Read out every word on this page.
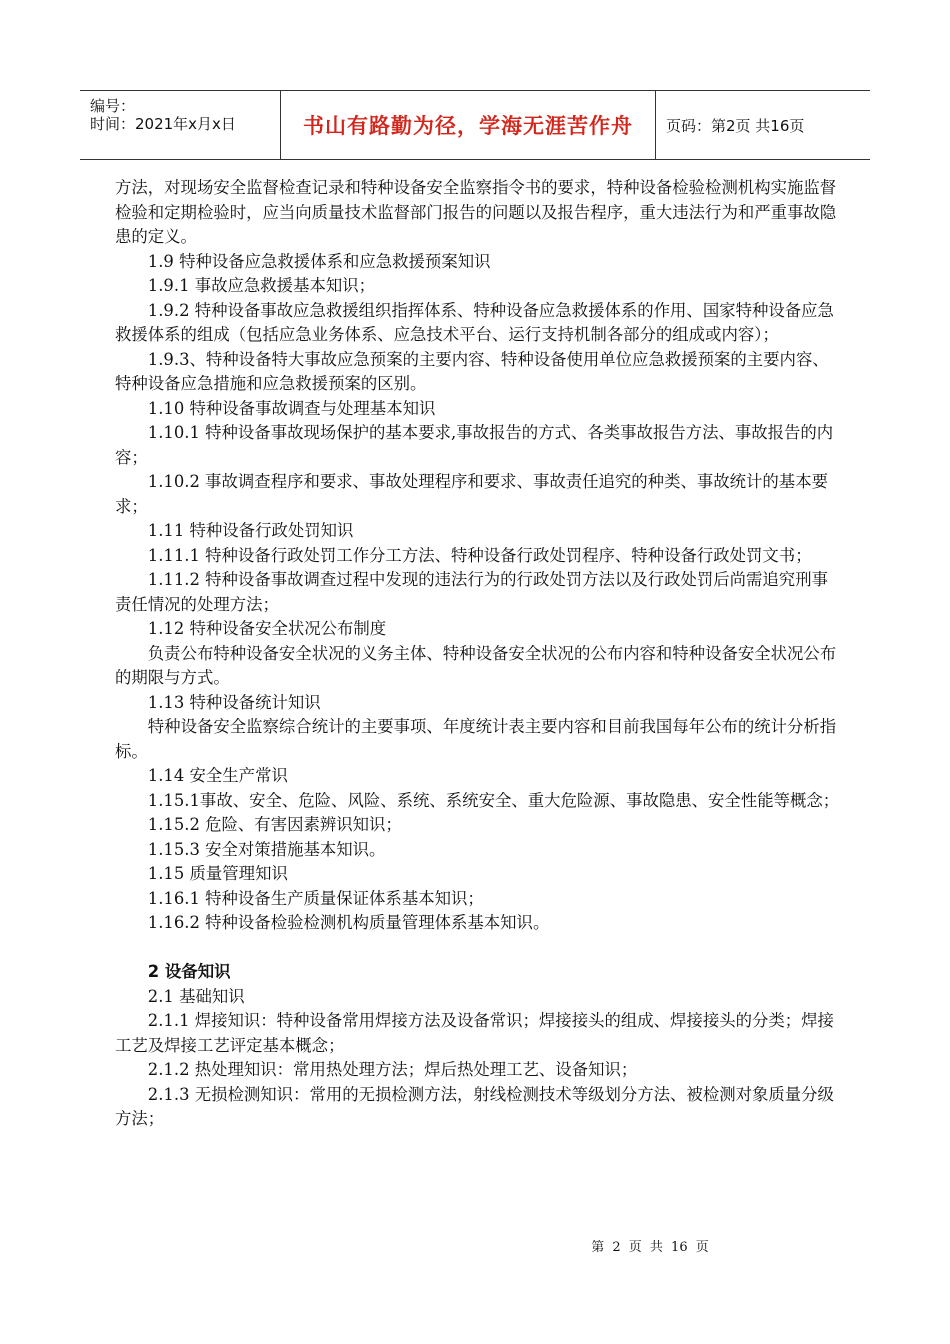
编号：
时间：2021年x月x日	书山有路勤为径，学海无涯苦作舟 页码：第2页 共16页

方法，对现场安全监督检查记录和特种设备安全监察指令书的要求，特种设备检验检测机构实施监督检验和定期检验时，应当向质量技术监督部门报告的问题以及报告程序，重大违法行为和严重事故隐患的定义。

1.9 特种设备应急救援体系和应急救援预案知识

1.9.1 事故应急救援基本知识；

1.9.2 特种设备事故应急救援组织指挥体系、特种设备应急救援体系的作用、国家特种设备应急救援体系的组成（包括应急业务体系、应急技术平台、运行支持机制各部分的组成或内容）；

1.9.3、特种设备特大事故应急预案的主要内容、特种设备使用单位应急救援预案的主要内容、特种设备应急措施和应急救援预案的区别。

1.10 特种设备事故调查与处理基本知识

1.10.1 特种设备事故现场保护的基本要求,事故报告的方式、各类事故报告方法、事故报告的内容；

1.10.2 事故调查程序和要求、事故处理程序和要求、事故责任追究的种类、事故统计的基本要求；

1.11 特种设备行政处罚知识

1.11.1 特种设备行政处罚工作分工方法、特种设备行政处罚程序、特种设备行政处罚文书；

1.11.2 特种设备事故调查过程中发现的违法行为的行政处罚方法以及行政处罚后尚需追究刑事责任情况的处理方法；

1.12 特种设备安全状况公布制度

负责公布特种设备安全状况的义务主体、特种设备安全状况的公布内容和特种设备安全状况公布的期限与方式。

1.13 特种设备统计知识

特种设备安全监察综合统计的主要事项、年度统计表主要内容和目前我国每年公布的统计分析指标。

1.14 安全生产常识

1.15.1事故、安全、危险、风险、系统、系统安全、重大危险源、事故隐患、安全性能等概念；

1.15.2 危险、有害因素辨识知识；

1.15.3 安全对策措施基本知识。

1.15 质量管理知识

1.16.1 特种设备生产质量保证体系基本知识；

1.16.2 特种设备检验检测机构质量管理体系基本知识。

2 设备知识

2.1 基础知识

2.1.1 焊接知识：特种设备常用焊接方法及设备常识；焊接接头的组成、焊接接头的分类；焊接工艺及焊接工艺评定基本概念；

2.1.2 热处理知识：常用热处理方法；焊后热处理工艺、设备知识；

2.1.3 无损检测知识：常用的无损检测方法，射线检测技术等级划分方法、被检测对象质量分级方法；

第 2 页 共 16 页
